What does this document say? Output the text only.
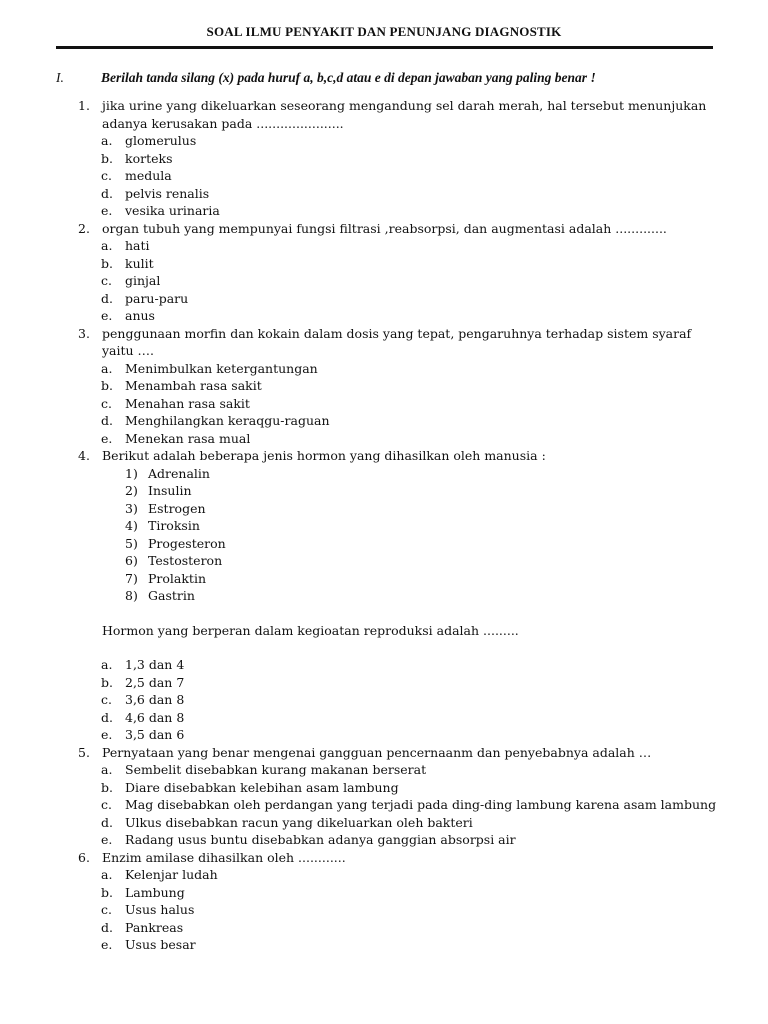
SOAL ILMU PENYAKIT DAN PENUNJANG DIAGNOSTIK
I.	Berilah tanda silang (x) pada huruf a, b,c,d atau e di depan jawaban yang paling benar !
1. jika urine yang dikeluarkan seseorang mengandung sel darah merah, hal tersebut menunjukan adanya kerusakan pada ......................
a. glomerulus
b. korteks
c. medula
d. pelvis renalis
e. vesika urinaria
2. organ tubuh yang mempunyai fungsi filtrasi ,reabsorpsi, dan augmentasi adalah .............
a. hati
b. kulit
c. ginjal
d. paru-paru
e. anus
3. penggunaan morfin dan kokain dalam dosis yang tepat, pengaruhnya terhadap sistem syaraf yaitu ….
a. Menimbulkan ketergantungan
b. Menambah rasa sakit
c. Menahan rasa sakit
d. Menghilangkan keraqgu-raguan
e. Menekan rasa mual
4. Berikut adalah beberapa jenis hormon yang dihasilkan oleh manusia :
1) Adrenalin
2) Insulin
3) Estrogen
4) Tiroksin
5) Progesteron
6) Testosteron
7) Prolaktin
8) Gastrin
Hormon yang berperan dalam kegioatan reproduksi adalah .........
a. 1,3 dan 4
b. 2,5 dan 7
c. 3,6 dan 8
d. 4,6 dan 8
e. 3,5 dan 6
5. Pernyataan yang benar mengenai gangguan pencernaanm dan penyebabnya adalah …
a. Sembelit disebabkan kurang makanan berserat
b. Diare disebabkan kelebihan asam lambung
c. Mag disebabkan oleh perdangan yang terjadi pada ding-ding lambung karena asam lambung
d. Ulkus disebabkan racun yang dikeluarkan oleh bakteri
e. Radang usus buntu disebabkan adanya ganggian absorpsi air
6. Enzim amilase dihasilkan oleh ............
a. Kelenjar ludah
b. Lambung
c. Usus halus
d. Pankreas
e. Usus besar
